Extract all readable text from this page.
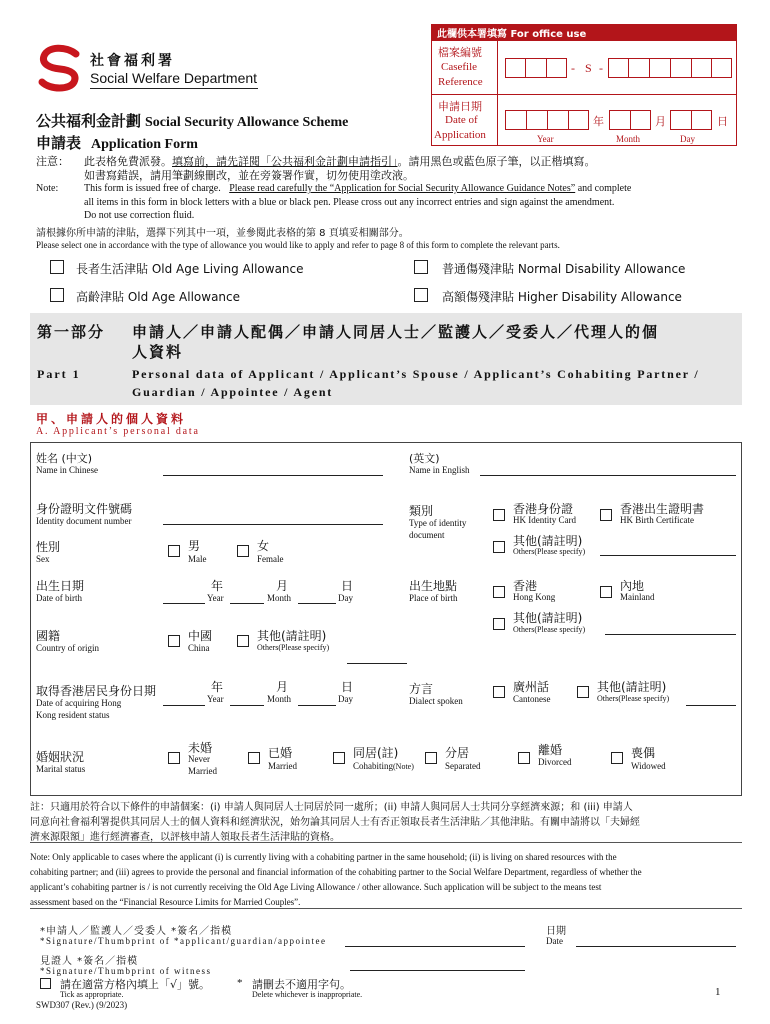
社會福利署
Social Welfare Department
公共福利金計劃 Social Security Allowance Scheme
申請表 Application Form
此欄供本署填寫 For office use
檔案編號
Casefile
Reference
- S -
申請日期
Date of
Application
年	月	日
Year	Month	Day
注意： 此表格免費派發。填寫前，請先詳閱「公共福利金計劃申請指引」。請用黑色或藍色原子筆，以正楷填寫。
如書寫錯誤，請用筆劃線刪改，並在旁簽署作實，切勿使用塗改液。
Note:	This form is issued free of charge. Please read carefully the “Application for Social Security Allowance Guidance Notes” and complete
all items in this form in block letters with a blue or black pen. Please cross out any incorrect entries and sign against the amendment.
Do not use correction fluid.
請根據你所申請的津貼，選擇下列其中一項，並參閱此表格的第 8 頁填妥相關部分。
Please select one in accordance with the type of allowance you would like to apply and refer to page 8 of this form to complete the relevant parts.
長者生活津貼 Old Age Living Allowance	普通傷殘津貼 Normal Disability Allowance
高齡津貼 Old Age Allowance	高額傷殘津貼 Higher Disability Allowance
第一部分 申請人／申請人配偶／申請人同居人士／監護人／受委人／代理人的個
人資料
Part 1	Personal data of Applicant / Applicant’s Spouse / Applicant’s Cohabiting Partner /
Guardian / Appointee / Agent
甲、申請人的個人資料
A. Applicant’s personal data
姓名 (中文)
Name in Chinese
(英文)
Name in English
身份證明文件號碼
Identity document number
類別
Type of identity
document
香港身份證
HK Identity Card
香港出生證明書
HK Birth Certificate
其他(請註明)
Others(Please specify)
性別
Sex
男
Male
女
Female
出生日期
Date of birth
年
Year
月
Month
日
Day
出生地點
Place of birth
香港
Hong Kong
內地
Mainland
其他(請註明)
Others(Please specify)
國籍
Country of origin
中國
China
其他(請註明)
Others(Please specify)
取得香港居民身份日期
Date of acquiring Hong
Kong resident status
年
Year
月
Month
日
Day
方言
Dialect spoken
廣州話
Cantonese
其他(請註明)
Others(Please specify)
婚姻狀況
Marital status
未婚
Never
Married
已婚
Married
同居(註)
Cohabiting(Note)
分居
Separated
離婚
Divorced
喪偶
Widowed
註：只適用於符合以下條件的申請個案：(i) 申請人與同居人士同居於同一處所；(ii) 申請人與同居人士共同分享經濟來源；和 (iii) 申請人
同意向社會福利署提供其同居人士的個人資料和經濟狀況，始勿論其同居人士有否正領取長者生活津貼／其他津貼。有關申請將以「夫婦經
濟來源限額」進行經濟審查，以評核申請人領取長者生活津貼的資格。
Note: Only applicable to cases where the applicant (i) is currently living with a cohabiting partner in the same household; (ii) is living on shared resources with the
cohabiting partner; and (iii) agrees to provide the personal and financial information of the cohabiting partner to the Social Welfare Department, regardless of whether the
applicant’s cohabiting partner is / is not currently receiving the Old Age Living Allowance / other allowance. Such application will be subject to the means test
assessment based on the “Financial Resource Limits for Married Couples”.
*申請人／監護人／受委人 *簽名／指模
*Signature/Thumbprint of *applicant/guardian/appointee
日期
Date
見證人 *簽名／指模
*Signature/Thumbprint of witness
請在適當方格內填上「√」號。
Tick as appropriate.
* 請刪去不適用字句。
Delete whichever is inappropriate.
SWD307 (Rev.) (9/2023)
1
